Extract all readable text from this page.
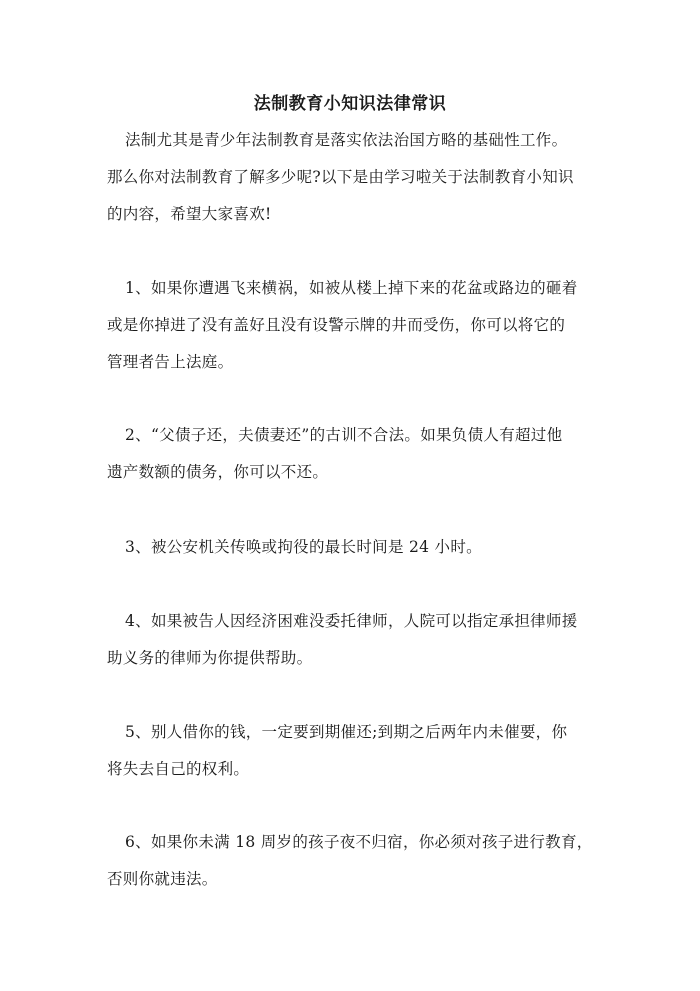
法制教育小知识法律常识
法制尤其是青少年法制教育是落实依法治国方略的基础性工作。
那么你对法制教育了解多少呢?以下是由学习啦关于法制教育小知识
的内容，希望大家喜欢!
1、如果你遭遇飞来横祸，如被从楼上掉下来的花盆或路边的砸着
或是你掉进了没有盖好且没有设警示牌的井而受伤，你可以将它的
管理者告上法庭。
2、“父债子还，夫债妻还”的古训不合法。如果负债人有超过他
遗产数额的债务，你可以不还。
3、被公安机关传唤或拘役的最长时间是 24 小时。
4、如果被告人因经济困难没委托律师，人院可以指定承担律师援
助义务的律师为你提供帮助。
5、别人借你的钱，一定要到期催还;到期之后两年内未催要，你
将失去自己的权利。
6、如果你未满 18 周岁的孩子夜不归宿，你必须对孩子进行教育，
否则你就违法。
